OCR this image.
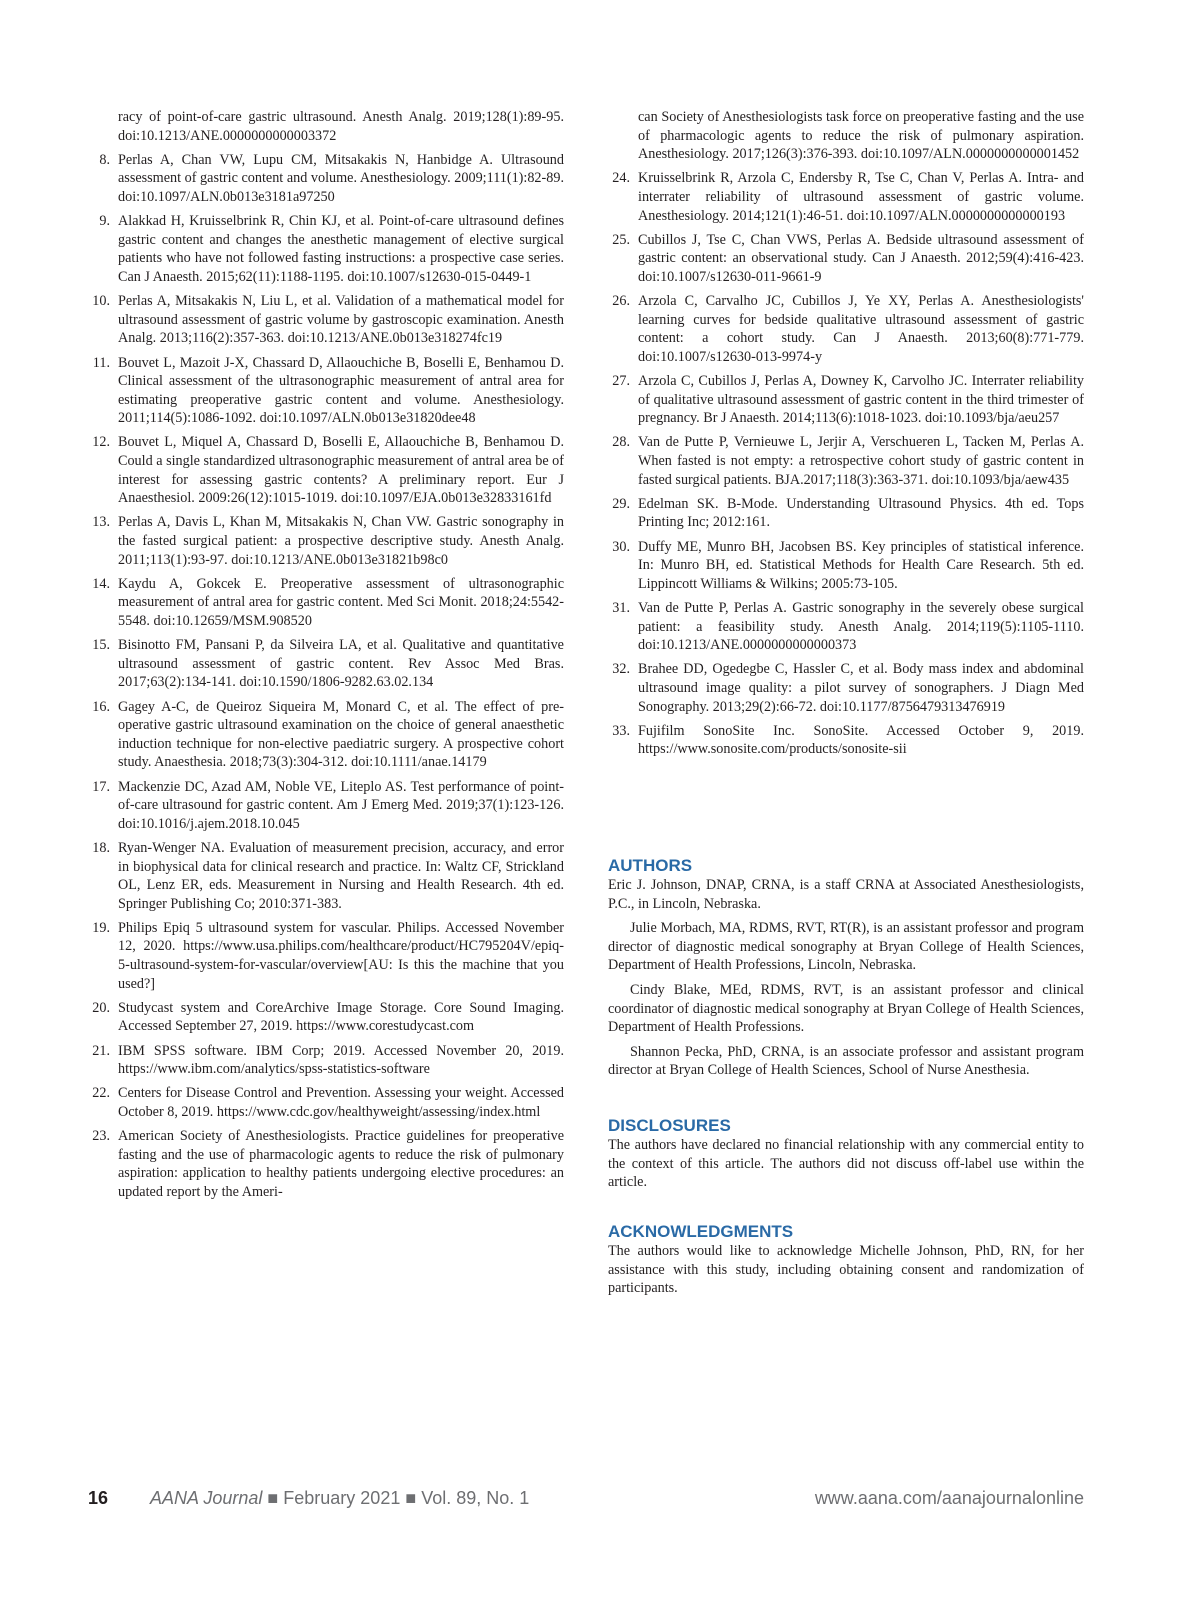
racy of point-of-care gastric ultrasound. Anesth Analg. 2019;128(1):89-95. doi:10.1213/ANE.0000000000003372
8. Perlas A, Chan VW, Lupu CM, Mitsakakis N, Hanbidge A. Ultrasound assessment of gastric content and volume. Anesthesiology. 2009;111(1):82-89. doi:10.1097/ALN.0b013e3181a97250
9. Alakkad H, Kruisselbrink R, Chin KJ, et al. Point-of-care ultrasound defines gastric content and changes the anesthetic management of elective surgical patients who have not followed fasting instructions: a prospective case series. Can J Anaesth. 2015;62(11):1188-1195. doi:10.1007/s12630-015-0449-1
10. Perlas A, Mitsakakis N, Liu L, et al. Validation of a mathematical model for ultrasound assessment of gastric volume by gastroscopic examination. Anesth Analg. 2013;116(2):357-363. doi:10.1213/ANE.0b013e318274fc19
11. Bouvet L, Mazoit J-X, Chassard D, Allaouchiche B, Boselli E, Benhamou D. Clinical assessment of the ultrasonographic measurement of antral area for estimating preoperative gastric content and volume. Anesthesiology. 2011;114(5):1086-1092. doi:10.1097/ALN.0b013e31820dee48
12. Bouvet L, Miquel A, Chassard D, Boselli E, Allaouchiche B, Benhamou D. Could a single standardized ultrasonographic measurement of antral area be of interest for assessing gastric contents? A preliminary report. Eur J Anaesthesiol. 2009:26(12):1015-1019. doi:10.1097/EJA.0b013e32833161fd
13. Perlas A, Davis L, Khan M, Mitsakakis N, Chan VW. Gastric sonography in the fasted surgical patient: a prospective descriptive study. Anesth Analg. 2011;113(1):93-97. doi:10.1213/ANE.0b013e31821b98c0
14. Kaydu A, Gokcek E. Preoperative assessment of ultrasonographic measurement of antral area for gastric content. Med Sci Monit. 2018;24:5542-5548. doi:10.12659/MSM.908520
15. Bisinotto FM, Pansani P, da Silveira LA, et al. Qualitative and quantitative ultrasound assessment of gastric content. Rev Assoc Med Bras. 2017;63(2):134-141. doi:10.1590/1806-9282.63.02.134
16. Gagey A-C, de Queiroz Siqueira M, Monard C, et al. The effect of pre-operative gastric ultrasound examination on the choice of general anaesthetic induction technique for non-elective paediatric surgery. A prospective cohort study. Anaesthesia. 2018;73(3):304-312. doi:10.1111/anae.14179
17. Mackenzie DC, Azad AM, Noble VE, Liteplo AS. Test performance of point-of-care ultrasound for gastric content. Am J Emerg Med. 2019;37(1):123-126. doi:10.1016/j.ajem.2018.10.045
18. Ryan-Wenger NA. Evaluation of measurement precision, accuracy, and error in biophysical data for clinical research and practice. In: Waltz CF, Strickland OL, Lenz ER, eds. Measurement in Nursing and Health Research. 4th ed. Springer Publishing Co; 2010:371-383.
19. Philips Epiq 5 ultrasound system for vascular. Philips. Accessed November 12, 2020. https://www.usa.philips.com/healthcare/product/HC795204V/epiq-5-ultrasound-system-for-vascular/overview[AU: Is this the machine that you used?]
20. Studycast system and CoreArchive Image Storage. Core Sound Imaging. Accessed September 27, 2019. https://www.corestudycast.com
21. IBM SPSS software. IBM Corp; 2019. Accessed November 20, 2019. https://www.ibm.com/analytics/spss-statistics-software
22. Centers for Disease Control and Prevention. Assessing your weight. Accessed October 8, 2019. https://www.cdc.gov/healthyweight/assessing/index.html
23. American Society of Anesthesiologists. Practice guidelines for preoperative fasting and the use of pharmacologic agents to reduce the risk of pulmonary aspiration: application to healthy patients undergoing elective procedures: an updated report by the Ameri-
can Society of Anesthesiologists task force on preoperative fasting and the use of pharmacologic agents to reduce the risk of pulmonary aspiration. Anesthesiology. 2017;126(3):376-393. doi:10.1097/ALN.0000000000001452
24. Kruisselbrink R, Arzola C, Endersby R, Tse C, Chan V, Perlas A. Intra- and interrater reliability of ultrasound assessment of gastric volume. Anesthesiology. 2014;121(1):46-51. doi:10.1097/ALN.0000000000000193
25. Cubillos J, Tse C, Chan VWS, Perlas A. Bedside ultrasound assessment of gastric content: an observational study. Can J Anaesth. 2012;59(4):416-423. doi:10.1007/s12630-011-9661-9
26. Arzola C, Carvalho JC, Cubillos J, Ye XY, Perlas A. Anesthesiologists' learning curves for bedside qualitative ultrasound assessment of gastric content: a cohort study. Can J Anaesth. 2013;60(8):771-779. doi:10.1007/s12630-013-9974-y
27. Arzola C, Cubillos J, Perlas A, Downey K, Carvolho JC. Interrater reliability of qualitative ultrasound assessment of gastric content in the third trimester of pregnancy. Br J Anaesth. 2014;113(6):1018-1023. doi:10.1093/bja/aeu257
28. Van de Putte P, Vernieuwe L, Jerjir A, Verschueren L, Tacken M, Perlas A. When fasted is not empty: a retrospective cohort study of gastric content in fasted surgical patients. BJA.2017;118(3):363-371. doi:10.1093/bja/aew435
29. Edelman SK. B-Mode. Understanding Ultrasound Physics. 4th ed. Tops Printing Inc; 2012:161.
30. Duffy ME, Munro BH, Jacobsen BS. Key principles of statistical inference. In: Munro BH, ed. Statistical Methods for Health Care Research. 5th ed. Lippincott Williams & Wilkins; 2005:73-105.
31. Van de Putte P, Perlas A. Gastric sonography in the severely obese surgical patient: a feasibility study. Anesth Analg. 2014;119(5):1105-1110. doi:10.1213/ANE.0000000000000373
32. Brahee DD, Ogedegbe C, Hassler C, et al. Body mass index and abdominal ultrasound image quality: a pilot survey of sonographers. J Diagn Med Sonography. 2013;29(2):66-72. doi:10.1177/8756479313476919
33. Fujifilm SonoSite Inc. SonoSite. Accessed October 9, 2019. https://www.sonosite.com/products/sonosite-sii
AUTHORS

Eric J. Johnson, DNAP, CRNA, is a staff CRNA at Associated Anesthesiologists, P.C., in Lincoln, Nebraska.

Julie Morbach, MA, RDMS, RVT, RT(R), is an assistant professor and program director of diagnostic medical sonography at Bryan College of Health Sciences, Department of Health Professions, Lincoln, Nebraska.

Cindy Blake, MEd, RDMS, RVT, is an assistant professor and clinical coordinator of diagnostic medical sonography at Bryan College of Health Sciences, Department of Health Professions.

Shannon Pecka, PhD, CRNA, is an associate professor and assistant program director at Bryan College of Health Sciences, School of Nurse Anesthesia.

DISCLOSURES

The authors have declared no financial relationship with any commercial entity to the context of this article. The authors did not discuss off-label use within the article.

ACKNOWLEDGMENTS

The authors would like to acknowledge Michelle Johnson, PhD, RN, for her assistance with this study, including obtaining consent and randomization of participants.

16 AANA Journal ■ February 2021 ■ Vol. 89, No. 1	www.aana.com/aanajournalonline
